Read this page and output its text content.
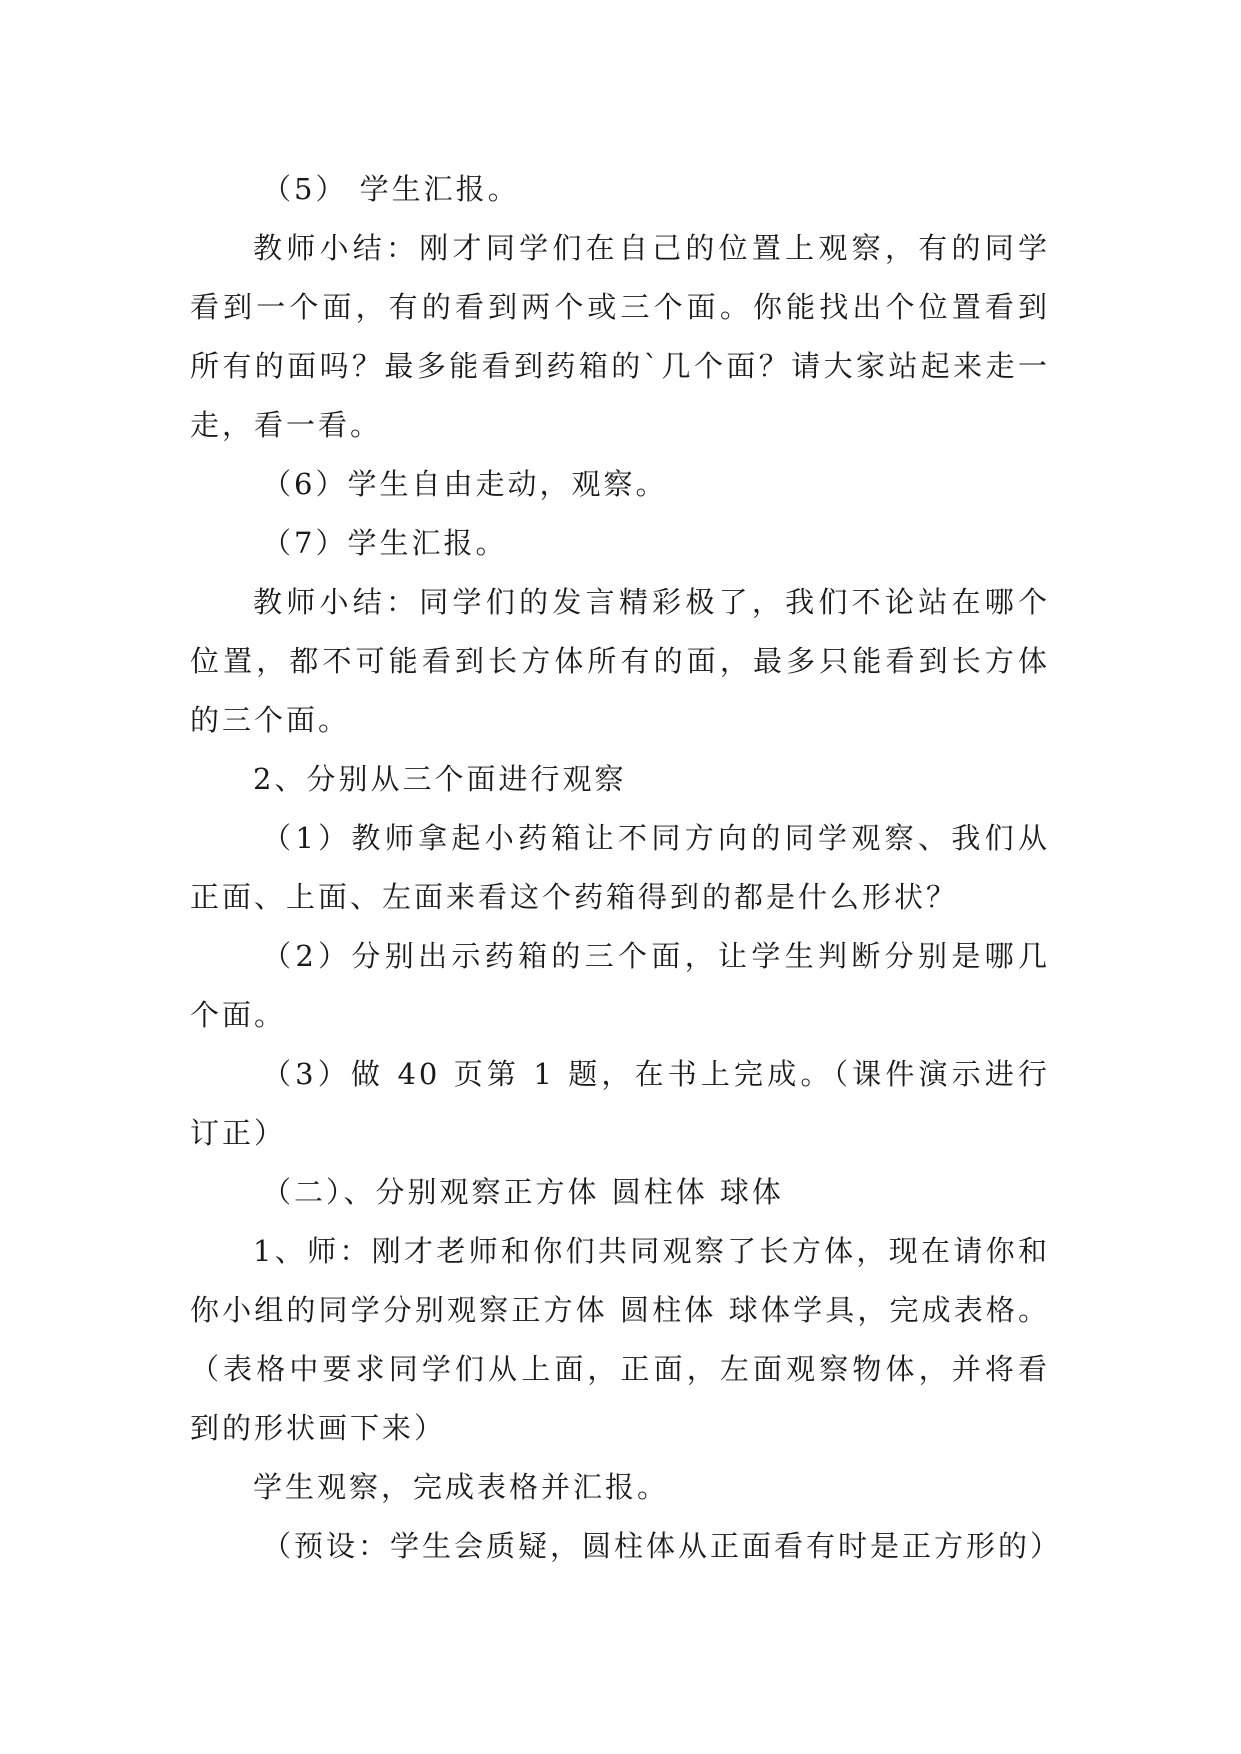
（5） 学生汇报。

教师小结：刚才同学们在自己的位置上观察，有的同学看到一个面，有的看到两个或三个面。你能找出个位置看到所有的面吗？最多能看到药箱的`几个面？请大家站起来走一走，看一看。

（6）学生自由走动，观察。

（7）学生汇报。

教师小结：同学们的发言精彩极了，我们不论站在哪个位置，都不可能看到长方体所有的面，最多只能看到长方体的三个面。

2、分别从三个面进行观察

（1）教师拿起小药箱让不同方向的同学观察、我们从正面、上面、左面来看这个药箱得到的都是什么形状？

（2）分别出示药箱的三个面，让学生判断分别是哪几个面。

（3）做 40 页第 1 题，在书上完成。（课件演示进行订正）

（二）、分别观察正方体 圆柱体 球体

1、师：刚才老师和你们共同观察了长方体，现在请你和你小组的同学分别观察正方体 圆柱体 球体学具，完成表格。（表格中要求同学们从上面，正面，左面观察物体，并将看到的形状画下来）

学生观察，完成表格并汇报。

（预设：学生会质疑，圆柱体从正面看有时是正方形的）
